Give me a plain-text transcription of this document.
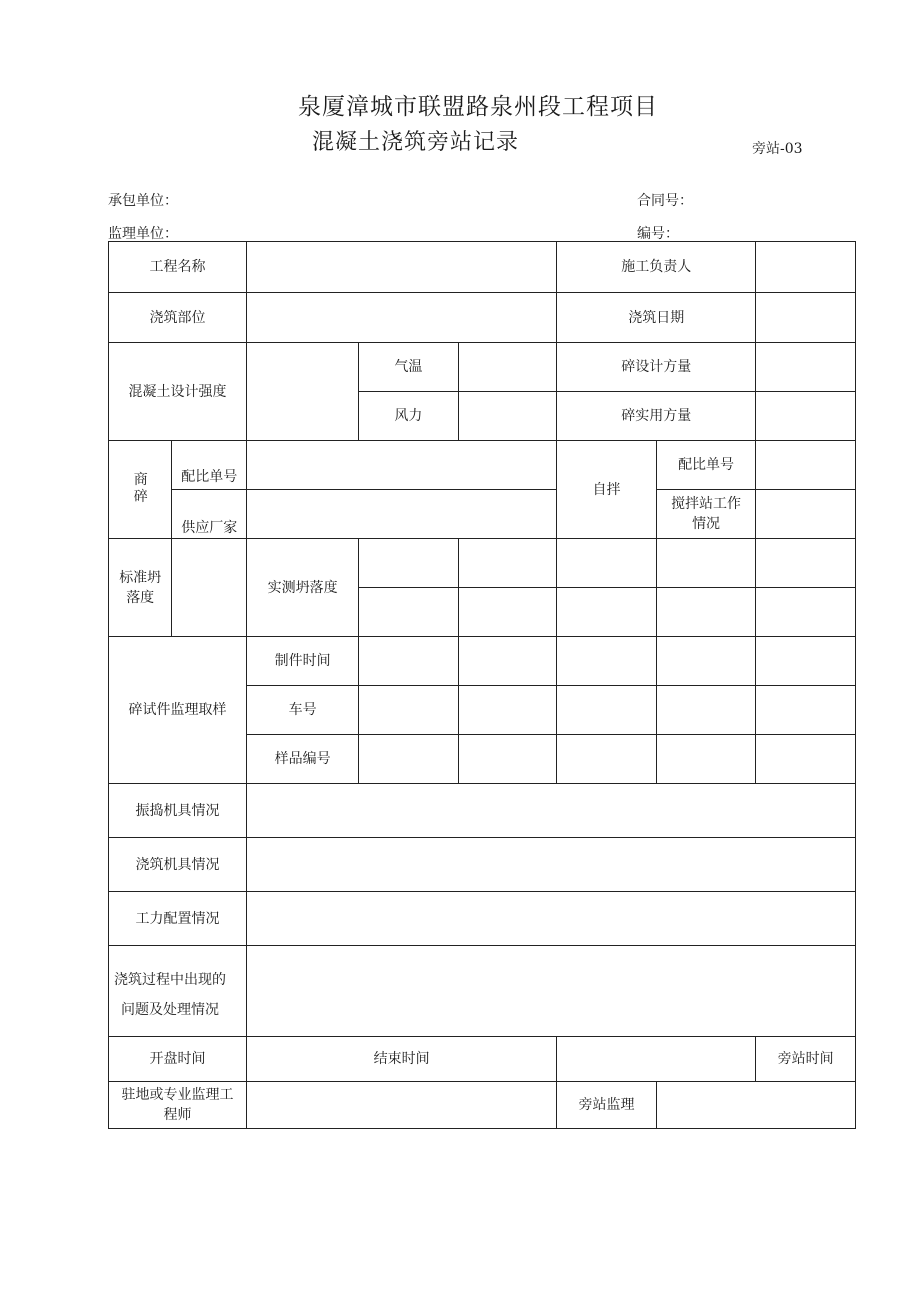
泉厦漳城市联盟路泉州段工程项目
混凝土浇筑旁站记录	旁站-03
承包单位：	合同号：
监理单位：	编号：
工程名称					施工负责人		
浇筑部位					浇筑日期		
混凝土设计强度			气温		碎设计方量		
			风力		碎实用方量		
商碎	配比单号				自拌	配比单号	
	供应厂家					搅拌站工作情况	
标准坍落度		实测坍落度					

碎试件监理取样		制件时间					
		车号					
		样品编号					
振捣机具情况							
浇筑机具情况							
工力配置情况							

浇筑过程中出现的问题及处理情况							

开盘时间		结束时间					旁站时间
驻地或专业监理工程师					旁站监理		
